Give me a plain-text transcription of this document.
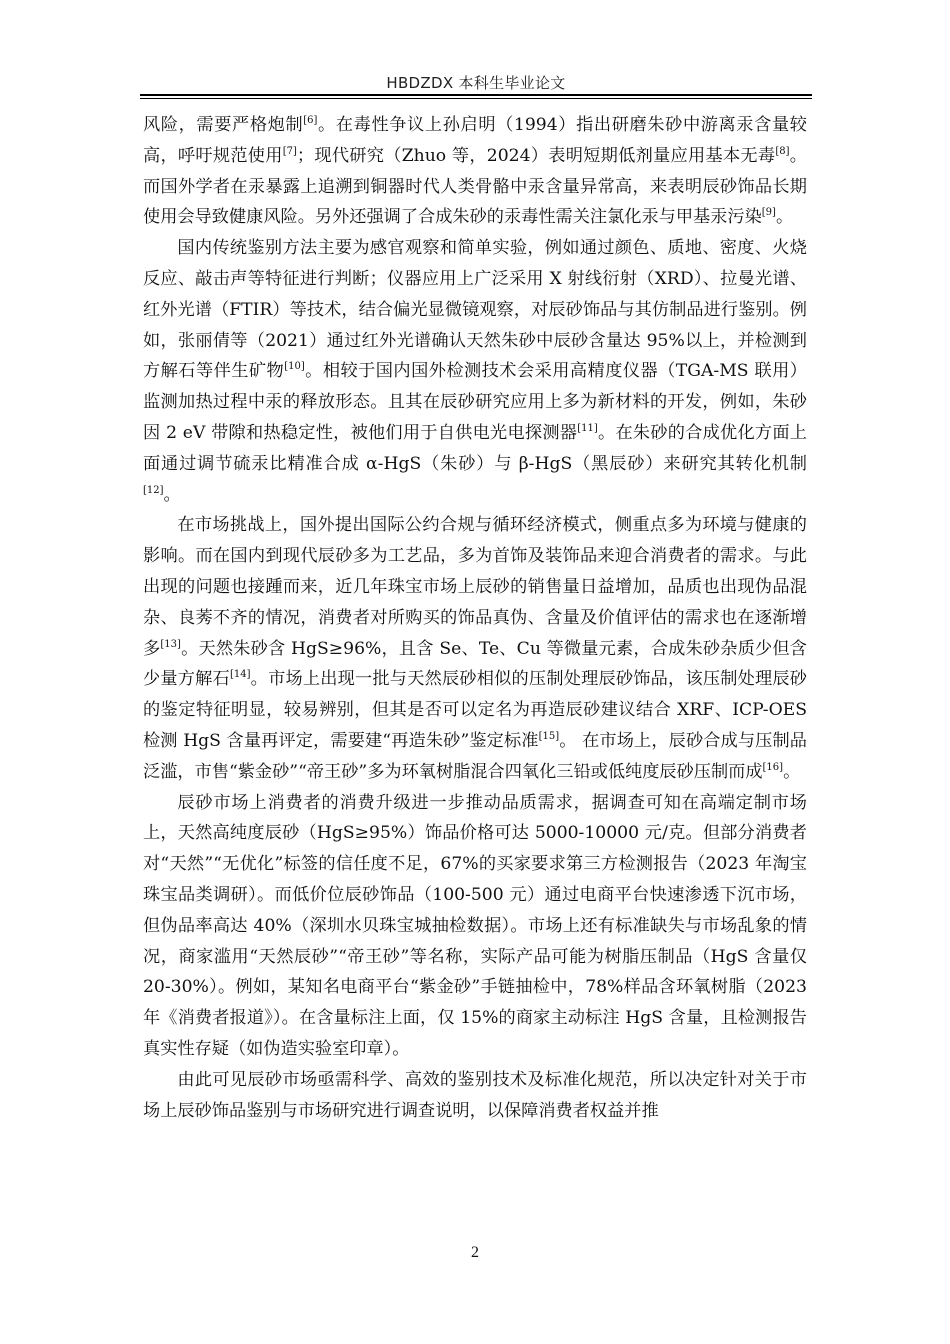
HBDZDX 本科生毕业论文

风险，需要严格炮制[6]。在毒性争议上孙启明（1994）指出研磨朱砂中游离汞含量较高，呼吁规范使用[7]；现代研究（Zhuo 等，2024）表明短期低剂量应用基本无毒[8]。而国外学者在汞暴露上追溯到铜器时代人类骨骼中汞含量异常高，来表明辰砂饰品长期使用会导致健康风险。另外还强调了合成朱砂的汞毒性需关注氯化汞与甲基汞污染[9]。

国内传统鉴别方法主要为感官观察和简单实验，例如通过颜色、质地、密度、火烧反应、敲击声等特征进行判断；仪器应用上广泛采用 X 射线衍射（XRD）、拉曼光谱、红外光谱（FTIR）等技术，结合偏光显微镜观察，对辰砂饰品与其仿制品进行鉴别。例如，张丽倩等（2021）通过红外光谱确认天然朱砂中辰砂含量达 95%以上，并检测到方解石等伴生矿物[10]。相较于国内国外检测技术会采用高精度仪器（TGA-MS 联用）监测加热过程中汞的释放形态。且其在辰砂研究应用上多为新材料的开发，例如，朱砂因 2 eV 带隙和热稳定性，被他们用于自供电光电探测器[11]。在朱砂的合成优化方面上面通过调节硫汞比精准合成 α-HgS（朱砂）与 β-HgS（黑辰砂）来研究其转化机制[12]。

在市场挑战上，国外提出国际公约合规与循环经济模式，侧重点多为环境与健康的影响。而在国内到现代辰砂多为工艺品，多为首饰及装饰品来迎合消费者的需求。与此出现的问题也接踵而来，近几年珠宝市场上辰砂的销售量日益增加，品质也出现伪品混杂、良莠不齐的情况，消费者对所购买的饰品真伪、含量及价值评估的需求也在逐渐增多[13]。天然朱砂含 HgS≥96%，且含 Se、Te、Cu 等微量元素，合成朱砂杂质少但含少量方解石[14]。市场上出现一批与天然辰砂相似的压制处理辰砂饰品，该压制处理辰砂的鉴定特征明显，较易辨别，但其是否可以定名为再造辰砂建议结合 XRF、ICP-OES 检测 HgS 含量再评定，需要建“再造朱砂”鉴定标准[15]。 在市场上，辰砂合成与压制品泛滥，市售“紫金砂”“帝王砂”多为环氧树脂混合四氧化三铅或低纯度辰砂压制而成[16]。

辰砂市场上消费者的消费升级进一步推动品质需求，据调查可知在高端定制市场上，天然高纯度辰砂（HgS≥95%）饰品价格可达 5000-10000 元/克。但部分消费者对“天然”“无优化”标签的信任度不足，67%的买家要求第三方检测报告（2023 年淘宝珠宝品类调研）。而低价位辰砂饰品（100-500 元）通过电商平台快速渗透下沉市场，但伪品率高达 40%（深圳水贝珠宝城抽检数据）。市场上还有标准缺失与市场乱象的情况，商家滥用“天然辰砂”“帝王砂”等名称，实际产品可能为树脂压制品（HgS 含量仅 20-30%）。例如，某知名电商平台“紫金砂”手链抽检中，78%样品含环氧树脂（2023 年《消费者报道》）。在含量标注上面，仅 15%的商家主动标注 HgS 含量，且检测报告真实性存疑（如伪造实验室印章）。

由此可见辰砂市场亟需科学、高效的鉴别技术及标准化规范，所以决定针对关于市场上辰砂饰品鉴别与市场研究进行调查说明，以保障消费者权益并推

2
